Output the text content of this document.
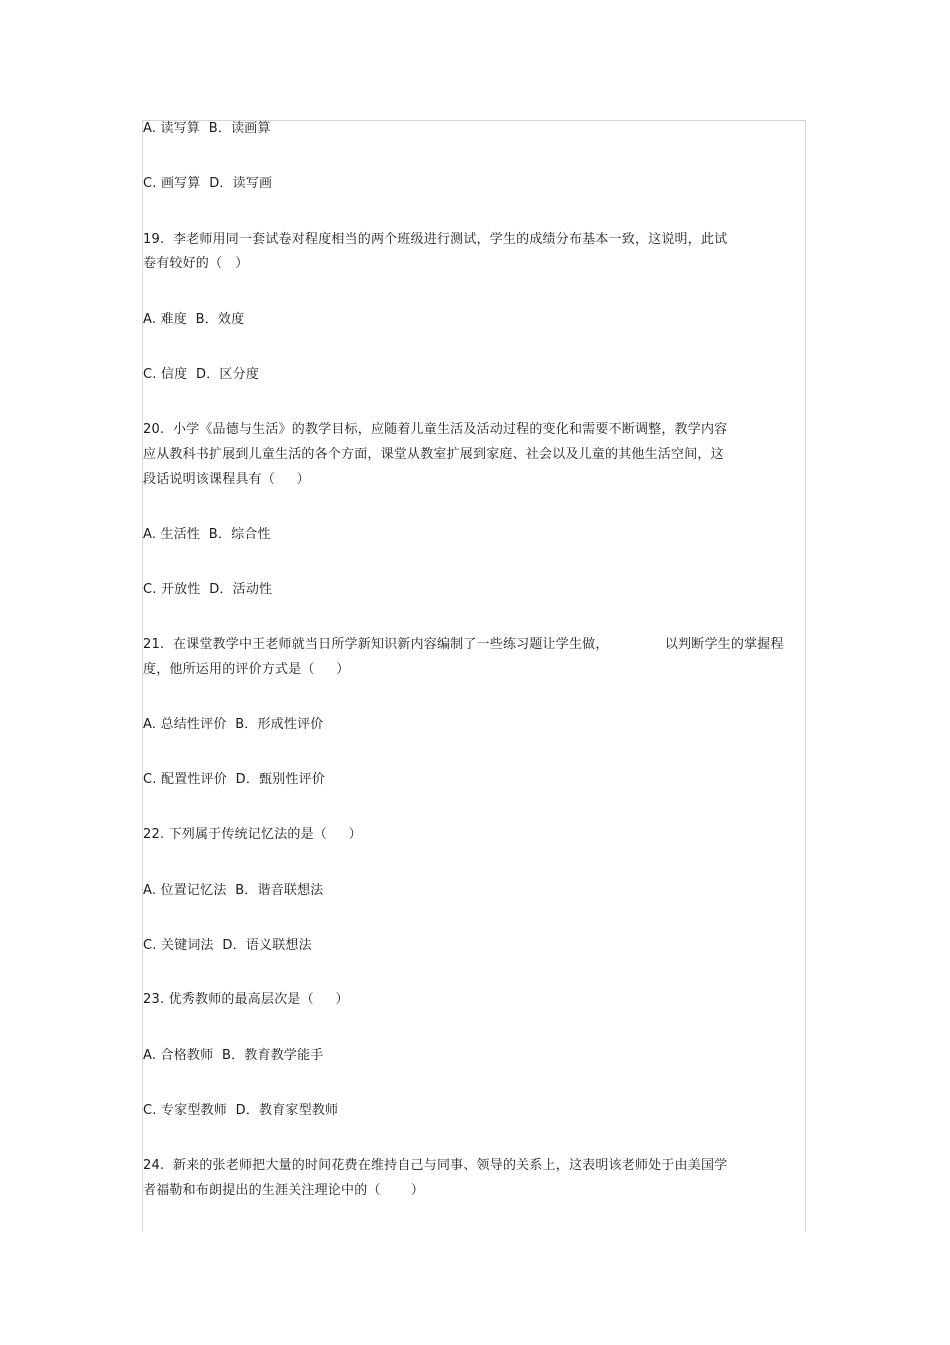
A. 读写算  B．读画算
C. 画写算  D．读写画
19.  李老师用同一套试卷对程度相当的两个班级进行测试，学生的成绩分布基本一致，这说明，此试
卷有较好的（   ）
A. 难度  B．效度
C. 信度  D．区分度
20.  小学《品德与生活》的教学目标，应随着儿童生活及活动过程的变化和需要不断调整，教学内容
应从教科书扩展到儿童生活的各个方面，课堂从教室扩展到家庭、社会以及儿童的其他生活空间，这
段话说明该课程具有（     ）
A. 生活性  B．综合性
C. 开放性  D．活动性
21.  在课堂教学中王老师就当日所学新知识新内容编制了一些练习题让学生做，             以判断学生的掌握程
度，他所运用的评价方式是（     ）
A. 总结性评价  B．形成性评价
C. 配置性评价  D．甄别性评价
22. 下列属于传统记忆法的是（     ）
A. 位置记忆法  B．谐音联想法
C. 关键词法  D．语义联想法
23. 优秀教师的最高层次是（     ）
A. 合格教师  B．教育教学能手
C. 专家型教师  D．教育家型教师
24.  新来的张老师把大量的时间花费在维持自己与同事、领导的关系上，这表明该老师处于由美国学
者福勒和布朗提出的生涯关注理论中的（       ）
